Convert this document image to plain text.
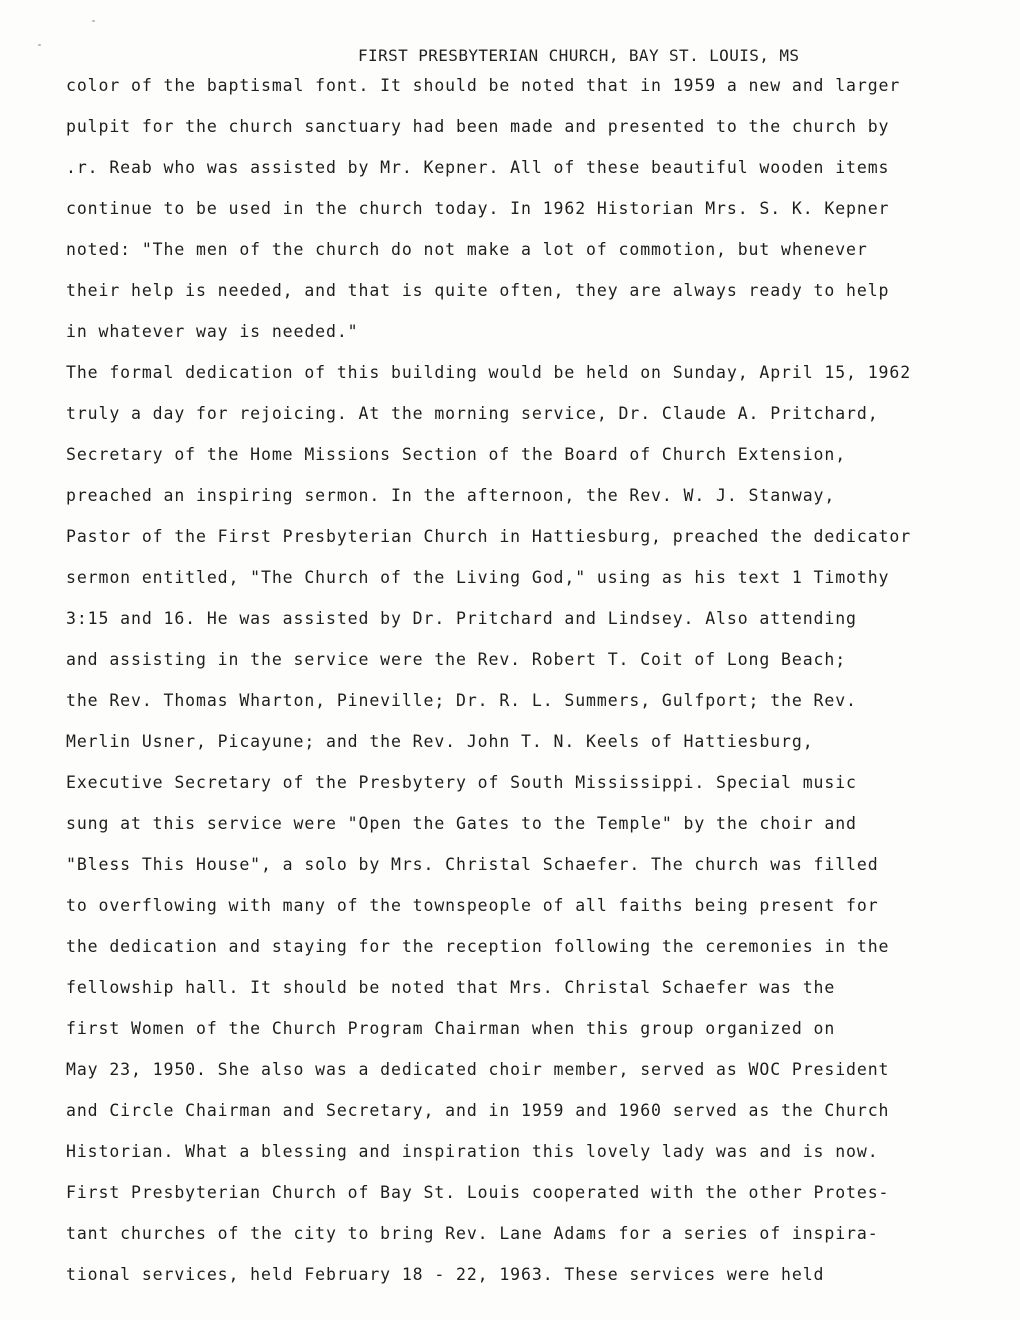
FIRST PRESBYTERIAN CHURCH, BAY ST. LOUIS, MS
color of the baptismal font. It should be noted that in 1959 a new and larger
pulpit for the church sanctuary had been made and presented to the church by
.r. Reab who was assisted by Mr. Kepner. All of these beautiful wooden items
continue to be used in the church today. In 1962 Historian Mrs. S. K. Kepner
noted: "The men of the church do not make a lot of commotion, but whenever
their help is needed, and that is quite often, they are always ready to help
in whatever way is needed."
The formal dedication of this building would be held on Sunday, April 15, 1962
truly a day for rejoicing. At the morning service, Dr. Claude A. Pritchard,
Secretary of the Home Missions Section of the Board of Church Extension,
preached an inspiring sermon. In the afternoon, the Rev. W. J. Stanway,
Pastor of the First Presbyterian Church in Hattiesburg, preached the dedicator
sermon entitled, "The Church of the Living God," using as his text 1 Timothy
3:15 and 16. He was assisted by Dr. Pritchard and Lindsey. Also attending
and assisting in the service were the Rev. Robert T. Coit of Long Beach;
the Rev. Thomas Wharton, Pineville; Dr. R. L. Summers, Gulfport; the Rev.
Merlin Usner, Picayune; and the Rev. John T. N. Keels of Hattiesburg,
Executive Secretary of the Presbytery of South Mississippi. Special music
sung at this service were "Open the Gates to the Temple" by the choir and
"Bless This House", a solo by Mrs. Christal Schaefer. The church was filled
to overflowing with many of the townspeople of all faiths being present for
the dedication and staying for the reception following the ceremonies in the
fellowship hall. It should be noted that Mrs. Christal Schaefer was the
first Women of the Church Program Chairman when this group organized on
May 23, 1950. She also was a dedicated choir member, served as WOC President
and Circle Chairman and Secretary, and in 1959 and 1960 served as the Church
Historian. What a blessing and inspiration this lovely lady was and is now.
First Presbyterian Church of Bay St. Louis cooperated with the other Protes-
tant churches of the city to bring Rev. Lane Adams for a series of inspira-
tional services, held February 18 - 22, 1963. These services were held
